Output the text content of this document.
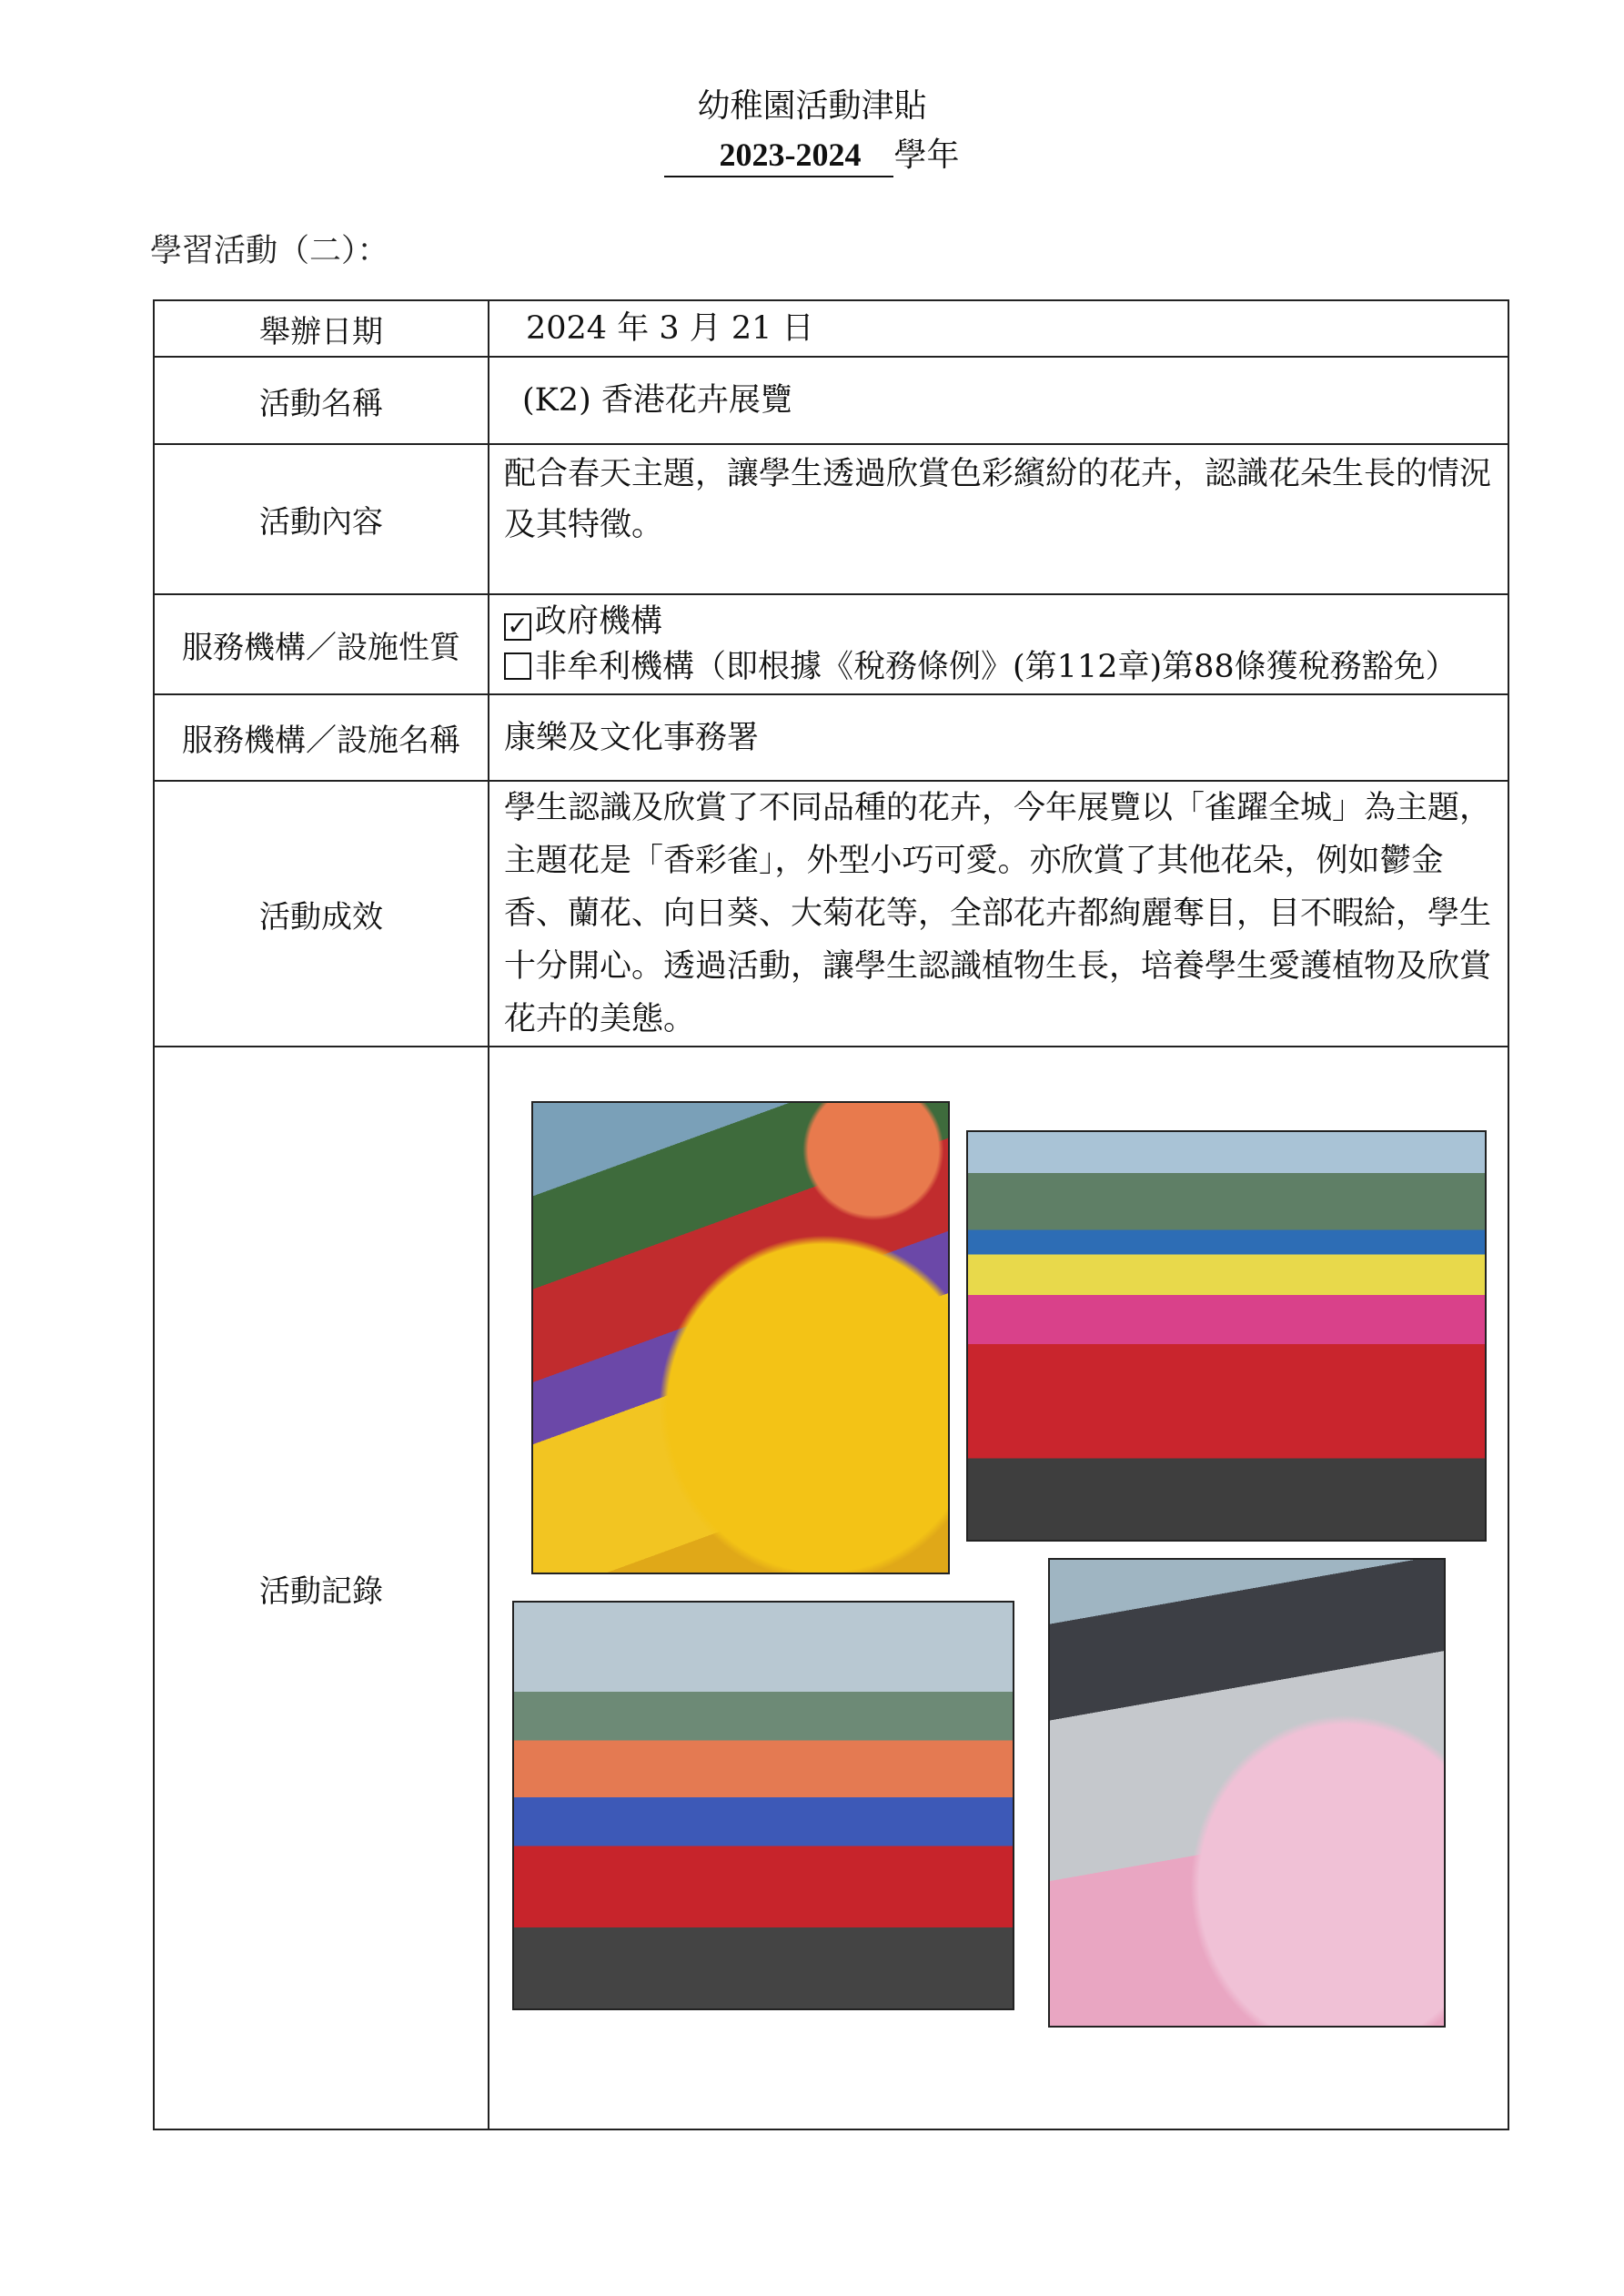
幼稚園活動津貼
2023-2024 學年
學習活動（二）：
舉辦日期	2024 年 3 月 21 日
活動名稱	(K2) 香港花卉展覽
活動內容	配合春天主題，讓學生透過欣賞色彩繽紛的花卉，認識花朵生長的情況及其特徵。
服務機構／設施性質	✓ 政府機構
非牟利機構（即根據《稅務條例》(第112章)第88條獲稅務豁免）

服務機構／設施名稱	康樂及文化事務署
活動成效	學生認識及欣賞了不同品種的花卉，今年展覽以「雀躍全城」為主題，主題花是「香彩雀」，外型小巧可愛。亦欣賞了其他花朵，例如鬱金香、蘭花、向日葵、大菊花等，全部花卉都絢麗奪目，目不暇給，學生十分開心。透過活動，讓學生認識植物生長，培養學生愛護植物及欣賞花卉的美態。
活動記錄	
